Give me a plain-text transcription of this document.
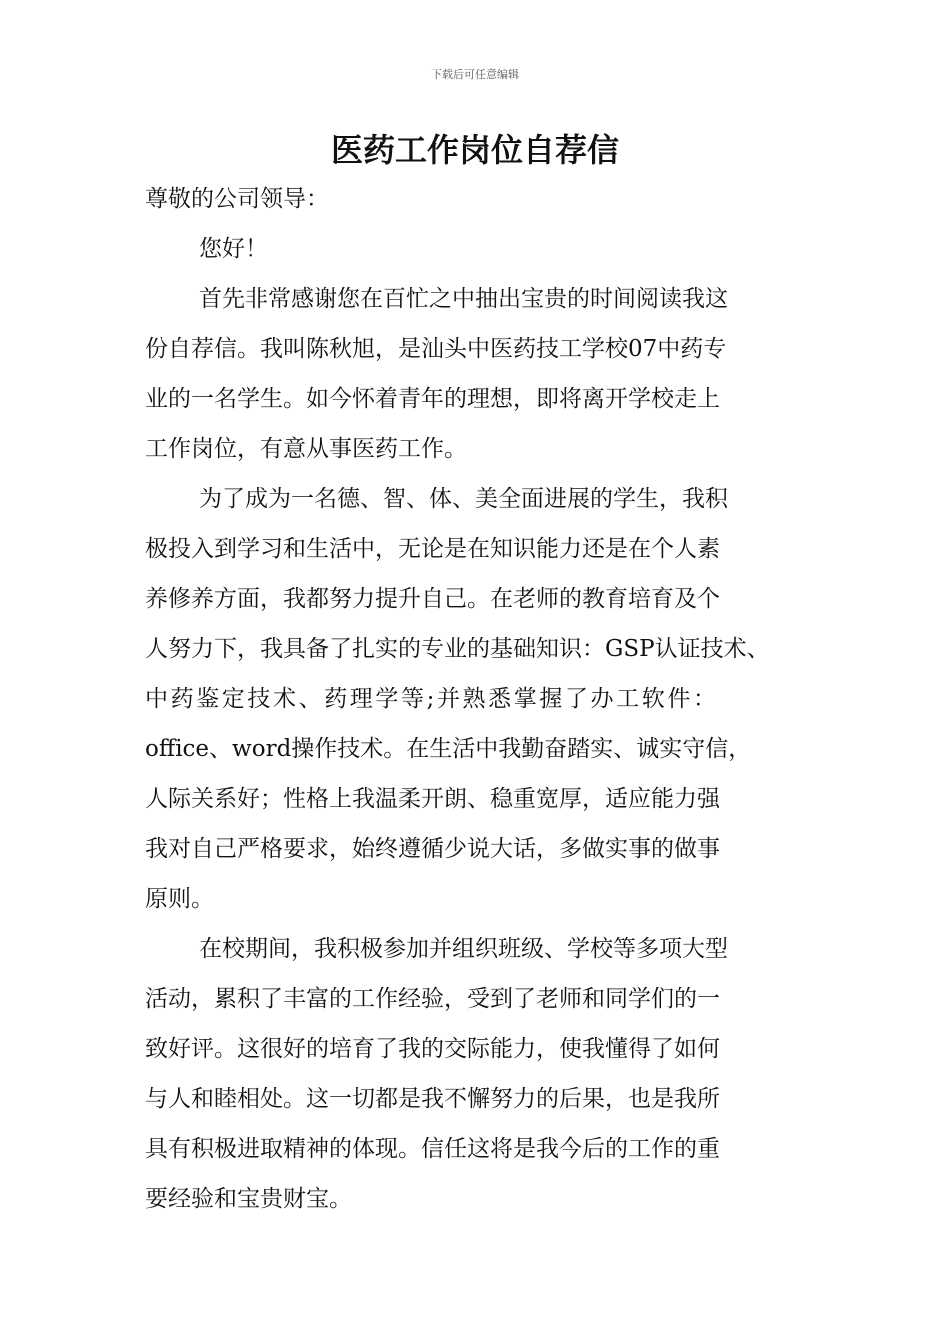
下载后可任意编辑
医药工作岗位自荐信
尊敬的公司领导：
您好！
首先非常感谢您在百忙之中抽出宝贵的时间阅读我这
份自荐信。我叫陈秋旭，是汕头中医药技工学校07中药专
业的一名学生。如今怀着青年的理想，即将离开学校走上
工作岗位，有意从事医药工作。
为了成为一名德、智、体、美全面进展的学生，我积
极投入到学习和生活中，无论是在知识能力还是在个人素
养修养方面，我都努力提升自己。在老师的教育培育及个
人努力下，我具备了扎实的专业的基础知识：GSP认证技术、
中药鉴定技术、药理学等;并熟悉掌握了办工软件：
office、word操作技术。在生活中我勤奋踏实、诚实守信，
人际关系好；性格上我温柔开朗、稳重宽厚，适应能力强
我对自己严格要求，始终遵循少说大话，多做实事的做事
原则。
在校期间，我积极参加并组织班级、学校等多项大型
活动，累积了丰富的工作经验，受到了老师和同学们的一
致好评。这很好的培育了我的交际能力，使我懂得了如何
与人和睦相处。这一切都是我不懈努力的后果，也是我所
具有积极进取精神的体现。信任这将是我今后的工作的重
要经验和宝贵财宝。
